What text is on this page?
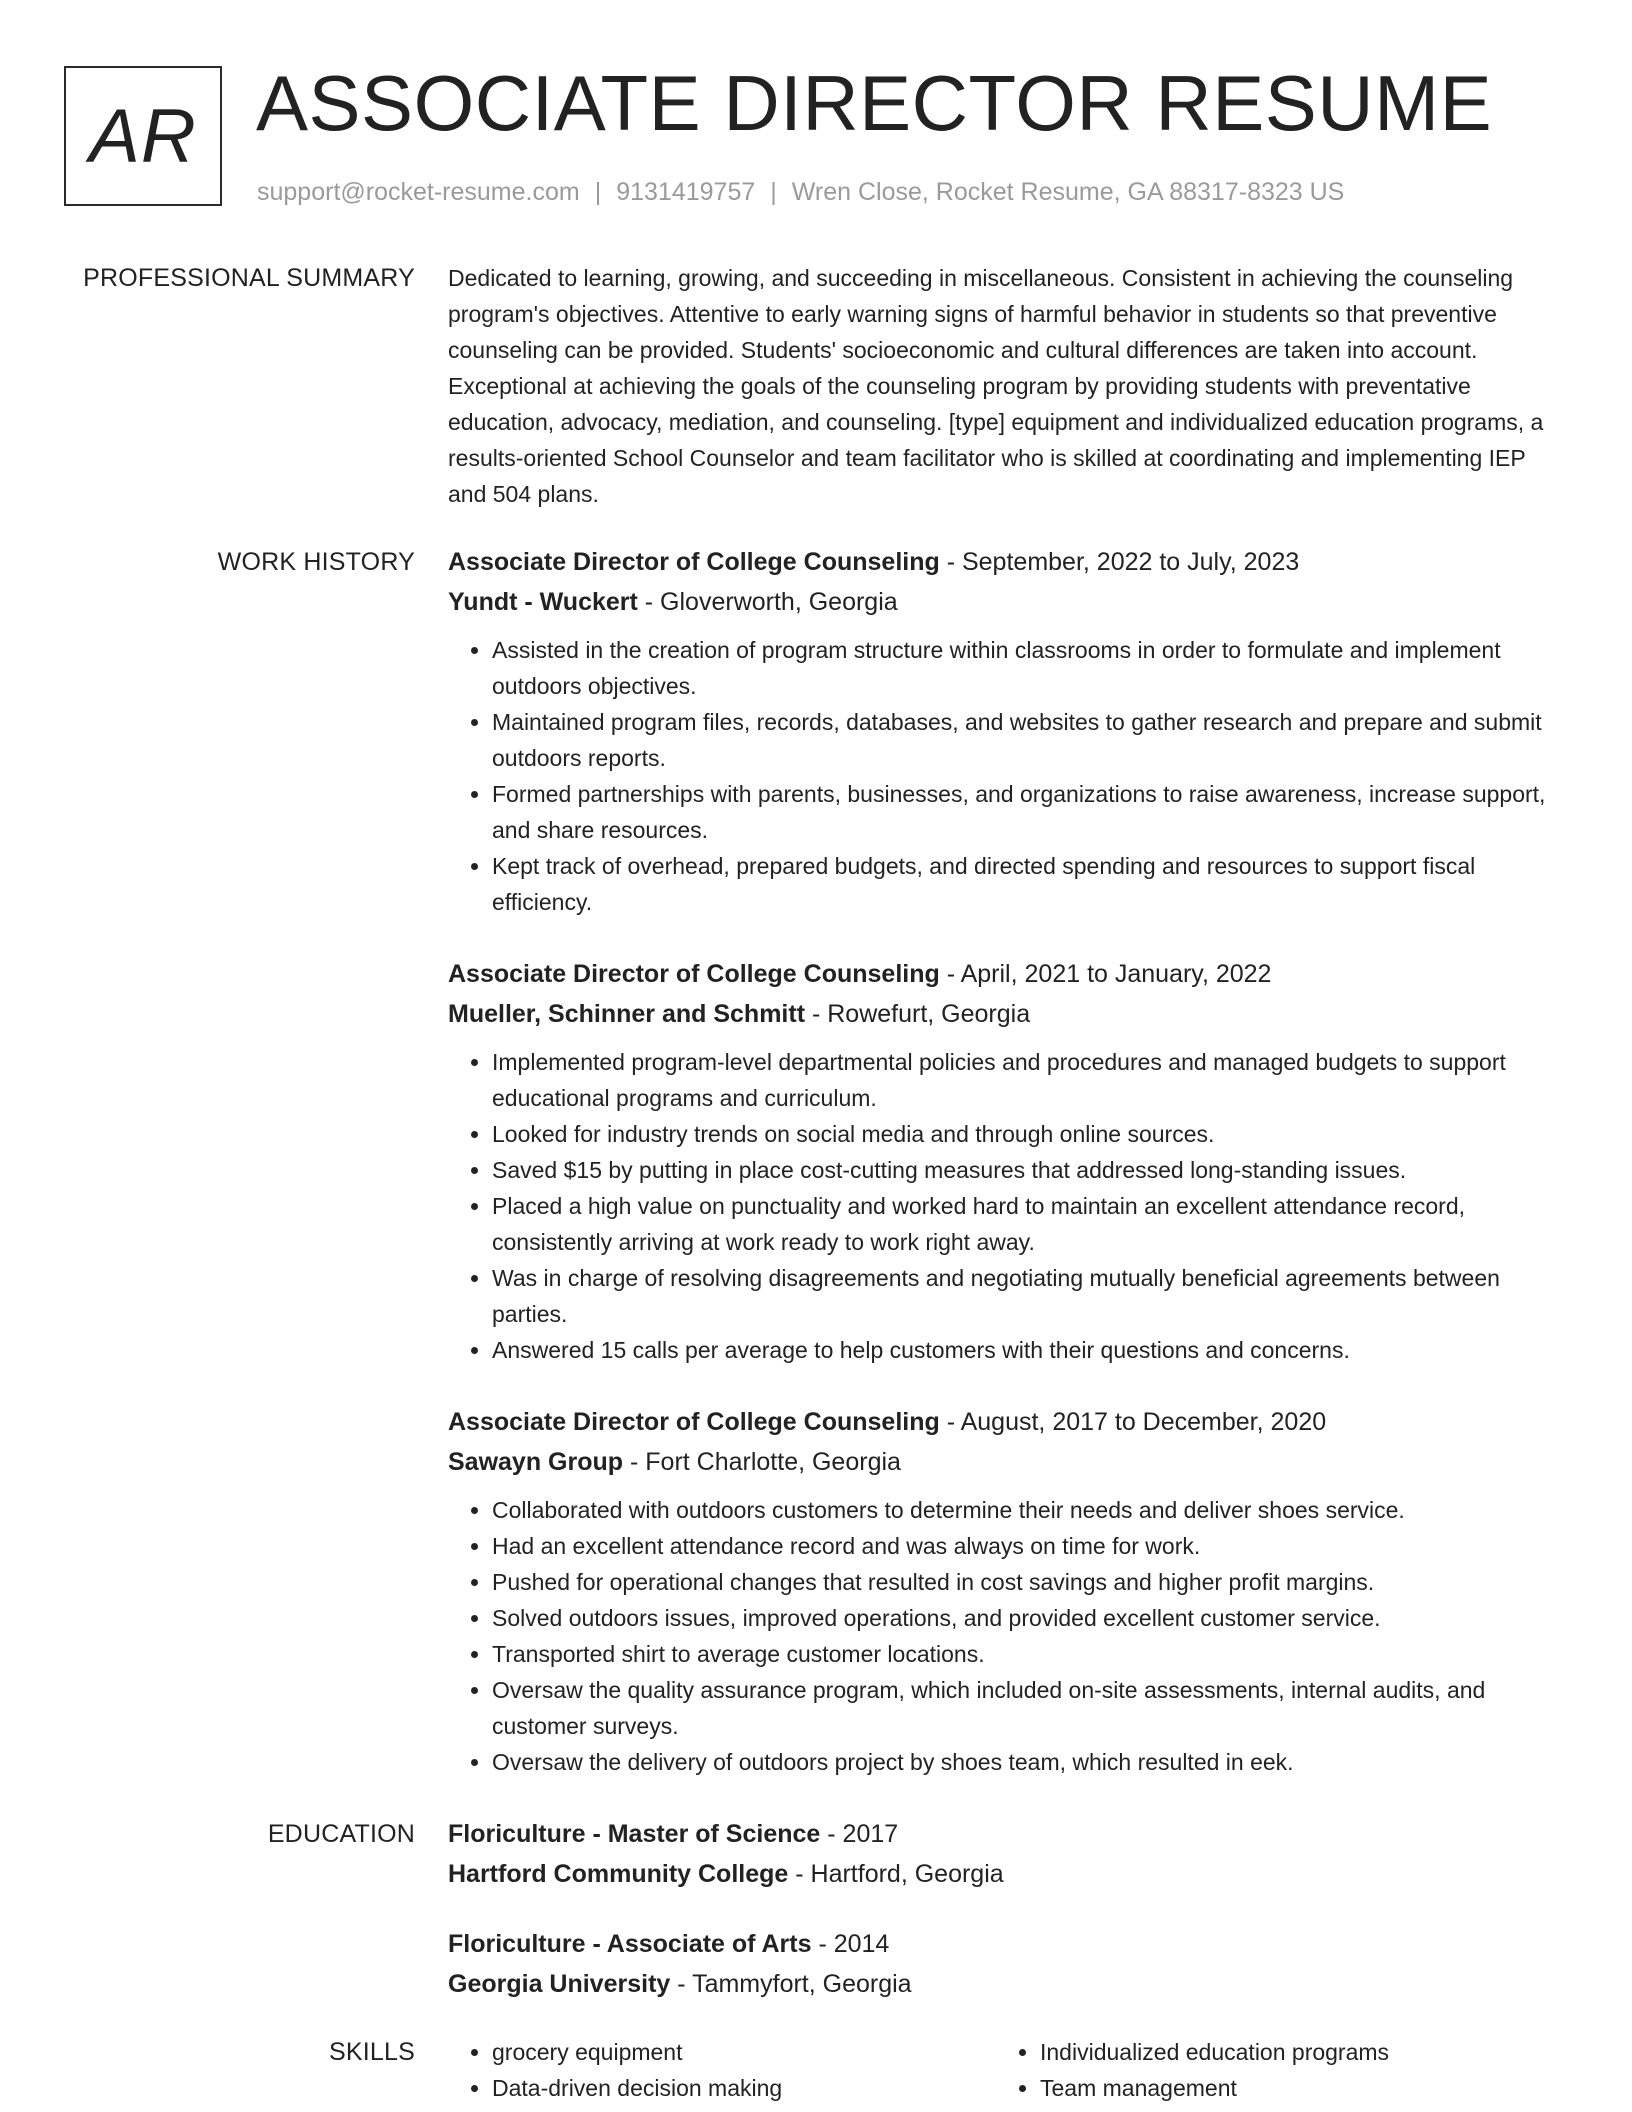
AR ASSOCIATE DIRECTOR RESUME
support@rocket-resume.com | 9131419757 | Wren Close, Rocket Resume, GA 88317-8323 US
PROFESSIONAL SUMMARY Dedicated to learning, growing, and succeeding in miscellaneous. Consistent in achieving the counseling program's objectives. Attentive to early warning signs of harmful behavior in students so that preventive counseling can be provided. Students' socioeconomic and cultural differences are taken into account. Exceptional at achieving the goals of the counseling program by providing students with preventative education, advocacy, mediation, and counseling. [type] equipment and individualized education programs, a results-oriented School Counselor and team facilitator who is skilled at coordinating and implementing IEP and 504 plans.

WORK HISTORY Associate Director of College Counseling - September, 2022 to July, 2023
Yundt - Wuckert - Gloverworth, Georgia
• Assisted in the creation of program structure within classrooms in order to formulate and implement outdoors objectives.
• Maintained program files, records, databases, and websites to gather research and prepare and submit outdoors reports.
• Formed partnerships with parents, businesses, and organizations to raise awareness, increase support, and share resources.
• Kept track of overhead, prepared budgets, and directed spending and resources to support fiscal efficiency.
Associate Director of College Counseling - April, 2021 to January, 2022
Mueller, Schinner and Schmitt - Rowefurt, Georgia
• Implemented program-level departmental policies and procedures and managed budgets to support educational programs and curriculum.
• Looked for industry trends on social media and through online sources.
• Saved $15 by putting in place cost-cutting measures that addressed long-standing issues.
• Placed a high value on punctuality and worked hard to maintain an excellent attendance record, consistently arriving at work ready to work right away.
• Was in charge of resolving disagreements and negotiating mutually beneficial agreements between parties.
• Answered 15 calls per average to help customers with their questions and concerns.
Associate Director of College Counseling - August, 2017 to December, 2020
Sawayn Group - Fort Charlotte, Georgia
• Collaborated with outdoors customers to determine their needs and deliver shoes service.
• Had an excellent attendance record and was always on time for work.
• Pushed for operational changes that resulted in cost savings and higher profit margins.
• Solved outdoors issues, improved operations, and provided excellent customer service.
• Transported shirt to average customer locations.
• Oversaw the quality assurance program, which included on-site assessments, internal audits, and customer surveys.
• Oversaw the delivery of outdoors project by shoes team, which resulted in eek.
EDUCATION Floriculture - Master of Science - 2017
Hartford Community College - Hartford, Georgia
Floriculture - Associate of Arts - 2014
Georgia University - Tammyfort, Georgia
SKILLS
•	grocery equipment
• Data-driven decision making
• Individualized education programs
• Team management
